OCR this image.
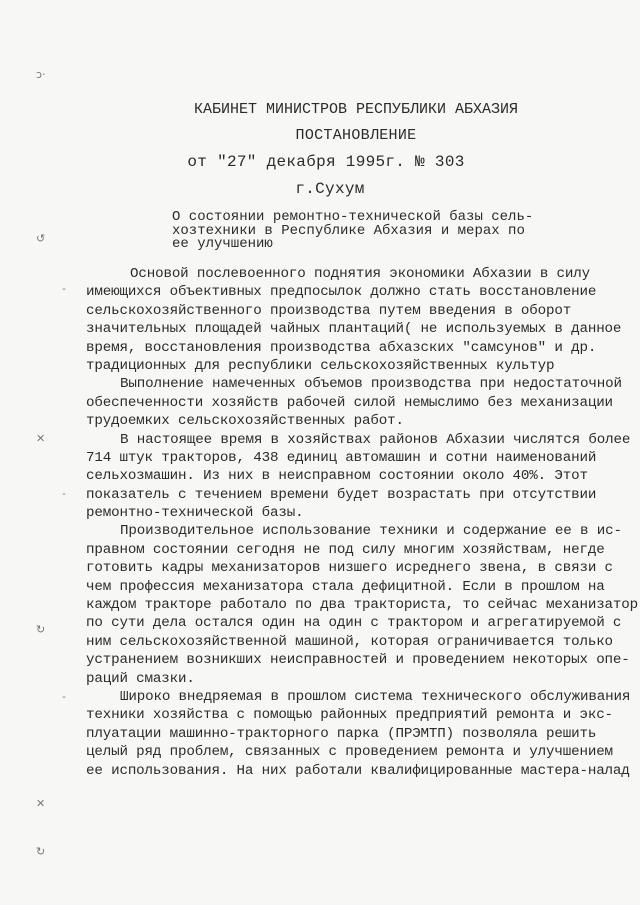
ↄ·
↺
-
✕
-
↻
-
✕
↻
КАБИНЕТ МИНИСТРОВ РЕСПУБЛИКИ АБХАЗИЯ
ПОСТАНОВЛЕНИЕ
от "27" декабря 1995г. № 303
г.Сухум
О состоянии ремонтно-технической базы сель-
хозтехники в Республике Абхазия и мерах по
ее улучшению
Основой послевоенного поднятия экономики Абхазии в силу
имеющихся объективных предпосылок должно стать восстановление
сельскохозяйственного производства путем введения в оборот
значительных площадей чайных плантаций( не используемых в данное
время, восстановления производства абхазских "самсунов" и др.
традиционных для республики сельскохозяйственных культур
Выполнение намеченных объемов производства при недостаточной
обеспеченности хозяйств рабочей силой немыслимо без механизации
трудоемких сельскохозяйственных работ.
В настоящее время в хозяйствах районов Абхазии числятся более
714 штук тракторов, 438 единиц автомашин и сотни наименований
сельхозмашин. Из них в неисправном состоянии около 40%. Этот
показатель с течением времени будет возрастать при отсутствии
ремонтно-технической базы.
Производительное использование техники и содержание ее в ис-
правном состоянии сегодня не под силу многим хозяйствам, негде
готовить кадры механизаторов низшего исреднего звена, в связи с
чем профессия механизатора стала дефицитной. Если в прошлом на
каждом тракторе работало по два тракториста, то сейчас механизатор
по сути дела остался один на один с трактором и агрегатируемой с
ним сельскохозяйственной машиной, которая ограничивается только
устранением возникших неисправностей и проведением некоторых опе-
раций смазки.
Широко внедряемая в прошлом система технического обслуживания
техники хозяйства с помощью районных предприятий ремонта и экс-
плуатации машинно-тракторного парка (ПРЭМТП) позволяла решить
целый ряд проблем, связанных с проведением ремонта и улучшением
ее использования. На них работали квалифицированные мастера-налад
